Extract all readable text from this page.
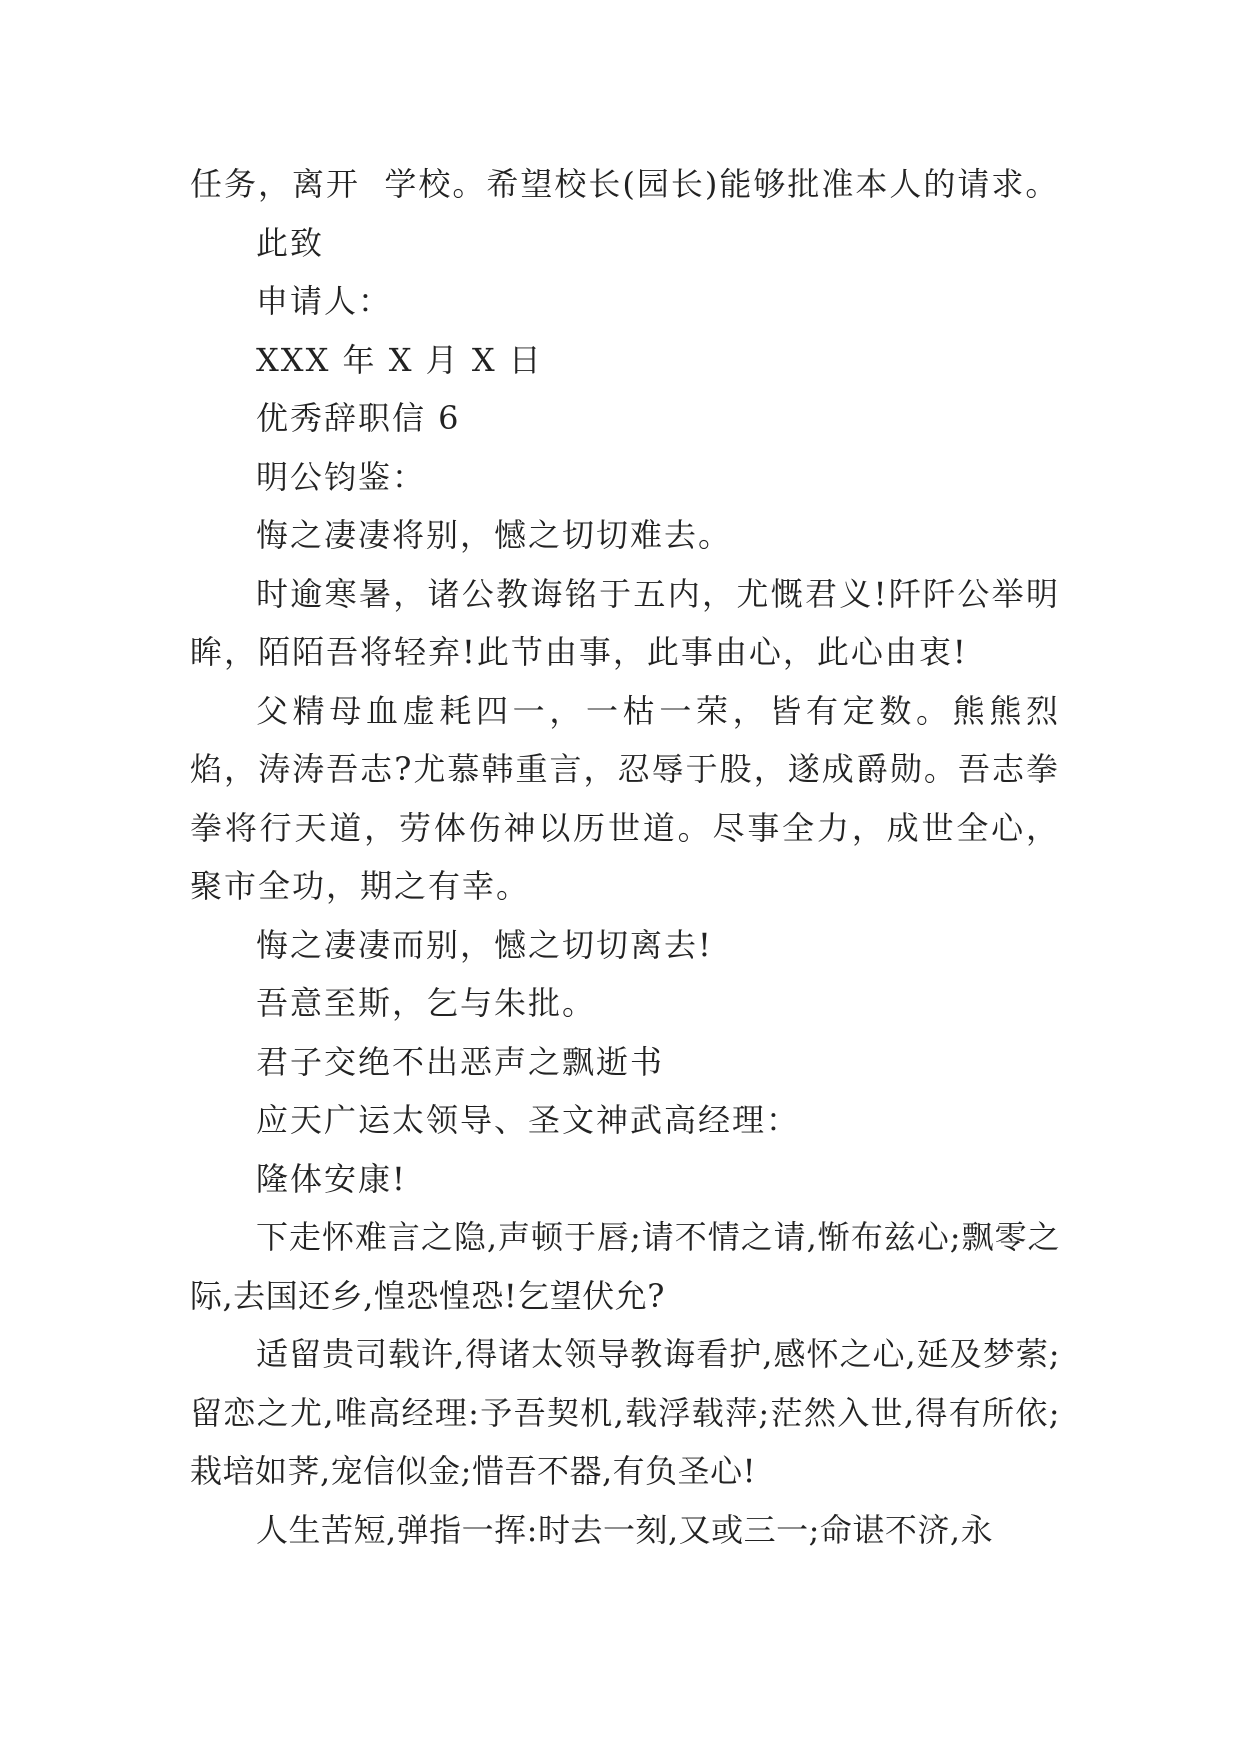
任务，离开  学校。希望校长(园长)能够批准本人的请求。

此致

申请人：

XXX 年 X 月 X 日

优秀辞职信 6

明公钧鉴：

悔之凄凄将别，憾之切切难去。

时逾寒暑，诸公教诲铭于五内，尤慨君义!阡阡公举明眸，陌陌吾将轻弃!此节由事，此事由心，此心由衷!

父精母血虚耗四一，一枯一荣，皆有定数。熊熊烈焰，涛涛吾志?尤慕韩重言，忍辱于股，遂成爵勋。吾志拳拳将行天道，劳体伤神以历世道。尽事全力，成世全心，聚市全功，期之有幸。

悔之凄凄而别，憾之切切离去!

吾意至斯，乞与朱批。

君子交绝不出恶声之飘逝书

应天广运太领导、圣文神武高经理：

隆体安康!

下走怀难言之隐,声顿于唇;请不情之请,惭布兹心;飘零之际,去国还乡,惶恐惶恐!乞望伏允?

适留贵司载许,得诸太领导教诲看护,感怀之心,延及梦萦;留恋之尤,唯高经理:予吾契机,载浮载萍;茫然入世,得有所依;栽培如荠,宠信似金;惜吾不器,有负圣心!

人生苦短,弹指一挥:时去一刻,又或三一;命谌不济,永
